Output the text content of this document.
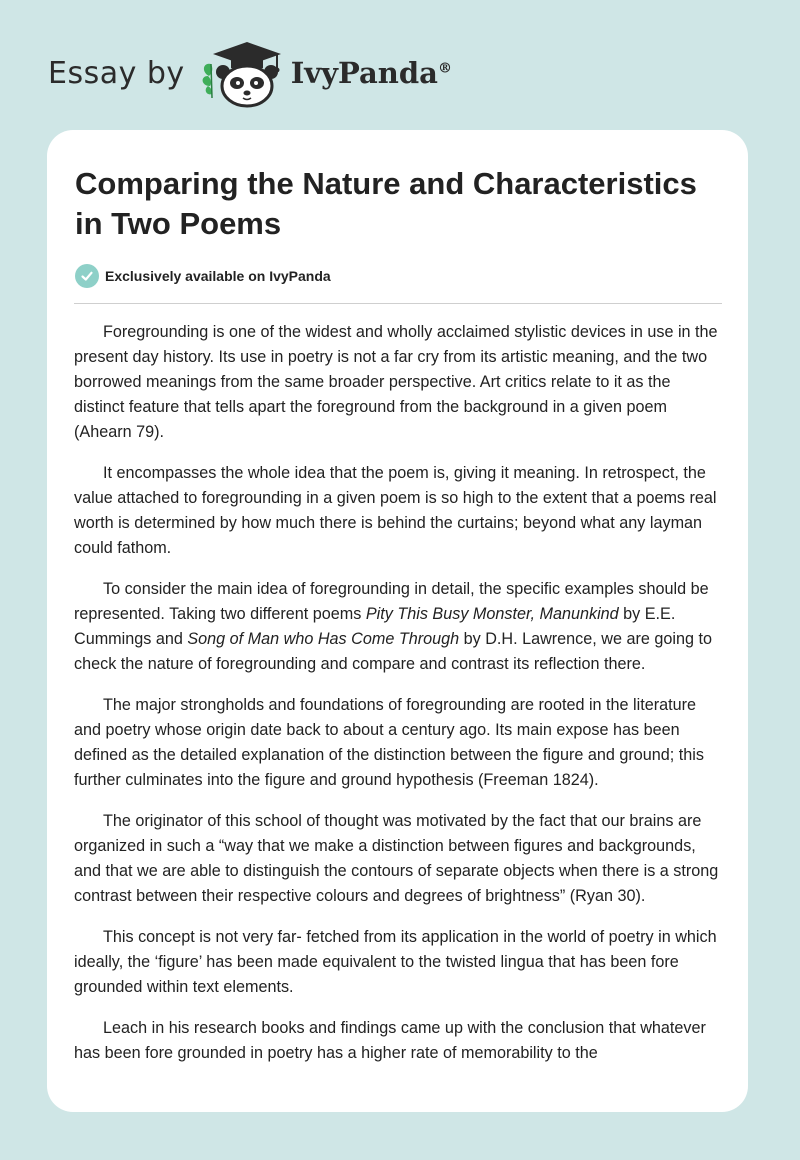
Essay by	IvyPanda®
Comparing the Nature and Characteristics in Two Poems
Exclusively available on IvyPanda

Foregrounding is one of the widest and wholly acclaimed stylistic devices in use in the present day history. Its use in poetry is not a far cry from its artistic meaning, and the two borrowed meanings from the same broader perspective. Art critics relate to it as the distinct feature that tells apart the foreground from the background in a given poem (Ahearn 79).

It encompasses the whole idea that the poem is, giving it meaning. In retrospect, the value attached to foregrounding in a given poem is so high to the extent that a poems real worth is determined by how much there is behind the curtains; beyond what any layman could fathom.

To consider the main idea of foregrounding in detail, the specific examples should be represented. Taking two different poems Pity This Busy Monster, Manunkind by E.E. Cummings and Song of Man who Has Come Through by D.H. Lawrence, we are going to check the nature of foregrounding and compare and contrast its reflection there.

The major strongholds and foundations of foregrounding are rooted in the literature and poetry whose origin date back to about a century ago. Its main expose has been defined as the detailed explanation of the distinction between the figure and ground; this further culminates into the figure and ground hypothesis (Freeman 1824).

The originator of this school of thought was motivated by the fact that our brains are organized in such a “way that we make a distinction between figures and backgrounds, and that we are able to distinguish the contours of separate objects when there is a strong contrast between their respective colours and degrees of brightness” (Ryan 30).

This concept is not very far- fetched from its application in the world of poetry in which ideally, the ‘figure’ has been made equivalent to the twisted lingua that has been fore grounded within text elements.

Leach in his research books and findings came up with the conclusion that whatever has been fore grounded in poetry has a higher rate of memorability to the
